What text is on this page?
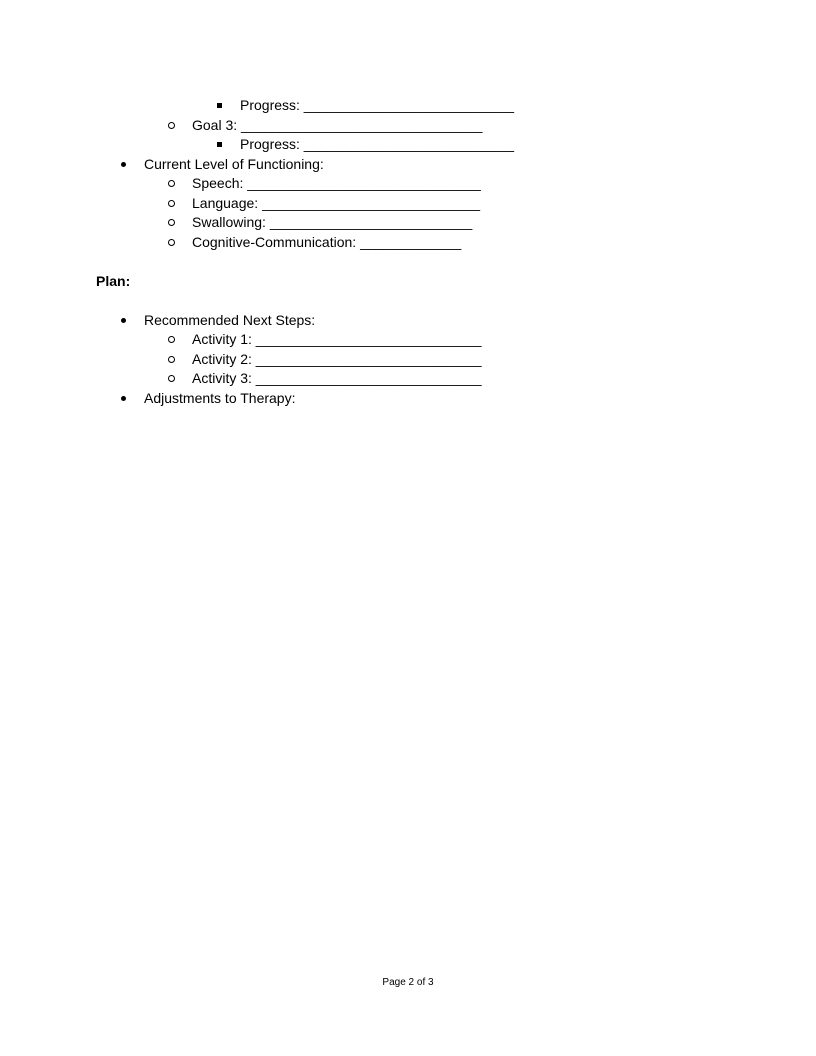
Progress: ___________________________
Goal 3: _______________________________
Progress: ___________________________
Current Level of Functioning:
Speech: ______________________________
Language: ____________________________
Swallowing: __________________________
Cognitive-Communication: _____________
Plan:
Recommended Next Steps:
Activity 1: _____________________________
Activity 2: _____________________________
Activity 3: _____________________________
Adjustments to Therapy:
Page 2 of 3
